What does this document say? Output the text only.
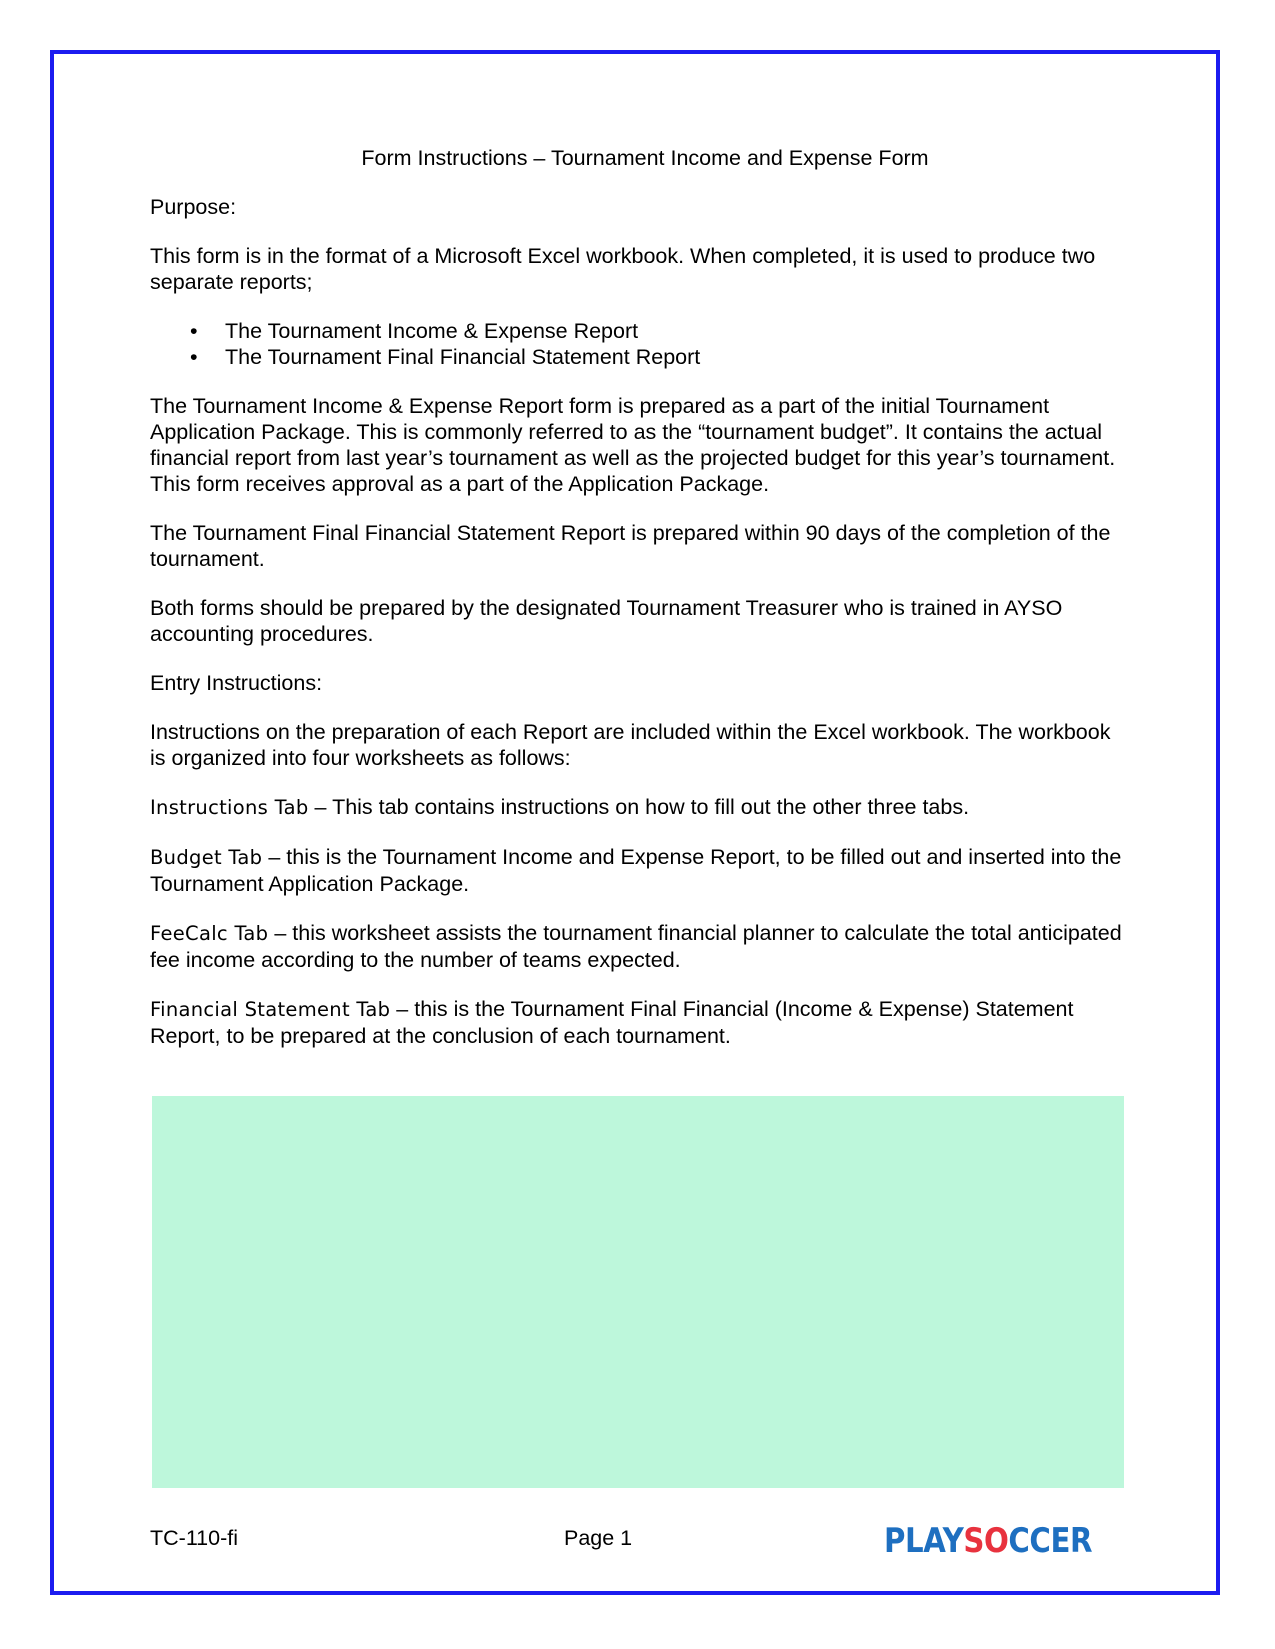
Form Instructions – Tournament Income and Expense Form

Purpose:

This form is in the format of a Microsoft Excel workbook. When completed, it is used to produce two separate reports;

• The Tournament Income & Expense Report
• The Tournament Final Financial Statement Report

The Tournament Income & Expense Report form is prepared as a part of the initial Tournament Application Package. This is commonly referred to as the “tournament budget”. It contains the actual financial report from last year’s tournament as well as the projected budget for this year’s tournament. This form receives approval as a part of the Application Package.

The Tournament Final Financial Statement Report is prepared within 90 days of the completion of the tournament.

Both forms should be prepared by the designated Tournament Treasurer who is trained in AYSO accounting procedures.

Entry Instructions:

Instructions on the preparation of each Report are included within the Excel workbook. The workbook is organized into four worksheets as follows:

Instructions Tab – This tab contains instructions on how to fill out the other three tabs.

Budget Tab – this is the Tournament Income and Expense Report, to be filled out and inserted into the Tournament Application Package.

FeeCalc Tab – this worksheet assists the tournament financial planner to calculate the total anticipated fee income according to the number of teams expected.

Financial Statement Tab – this is the Tournament Final Financial (Income & Expense) Statement Report, to be prepared at the conclusion of each tournament.

TC-110-fi	Page 1	PLAYSOCCER
